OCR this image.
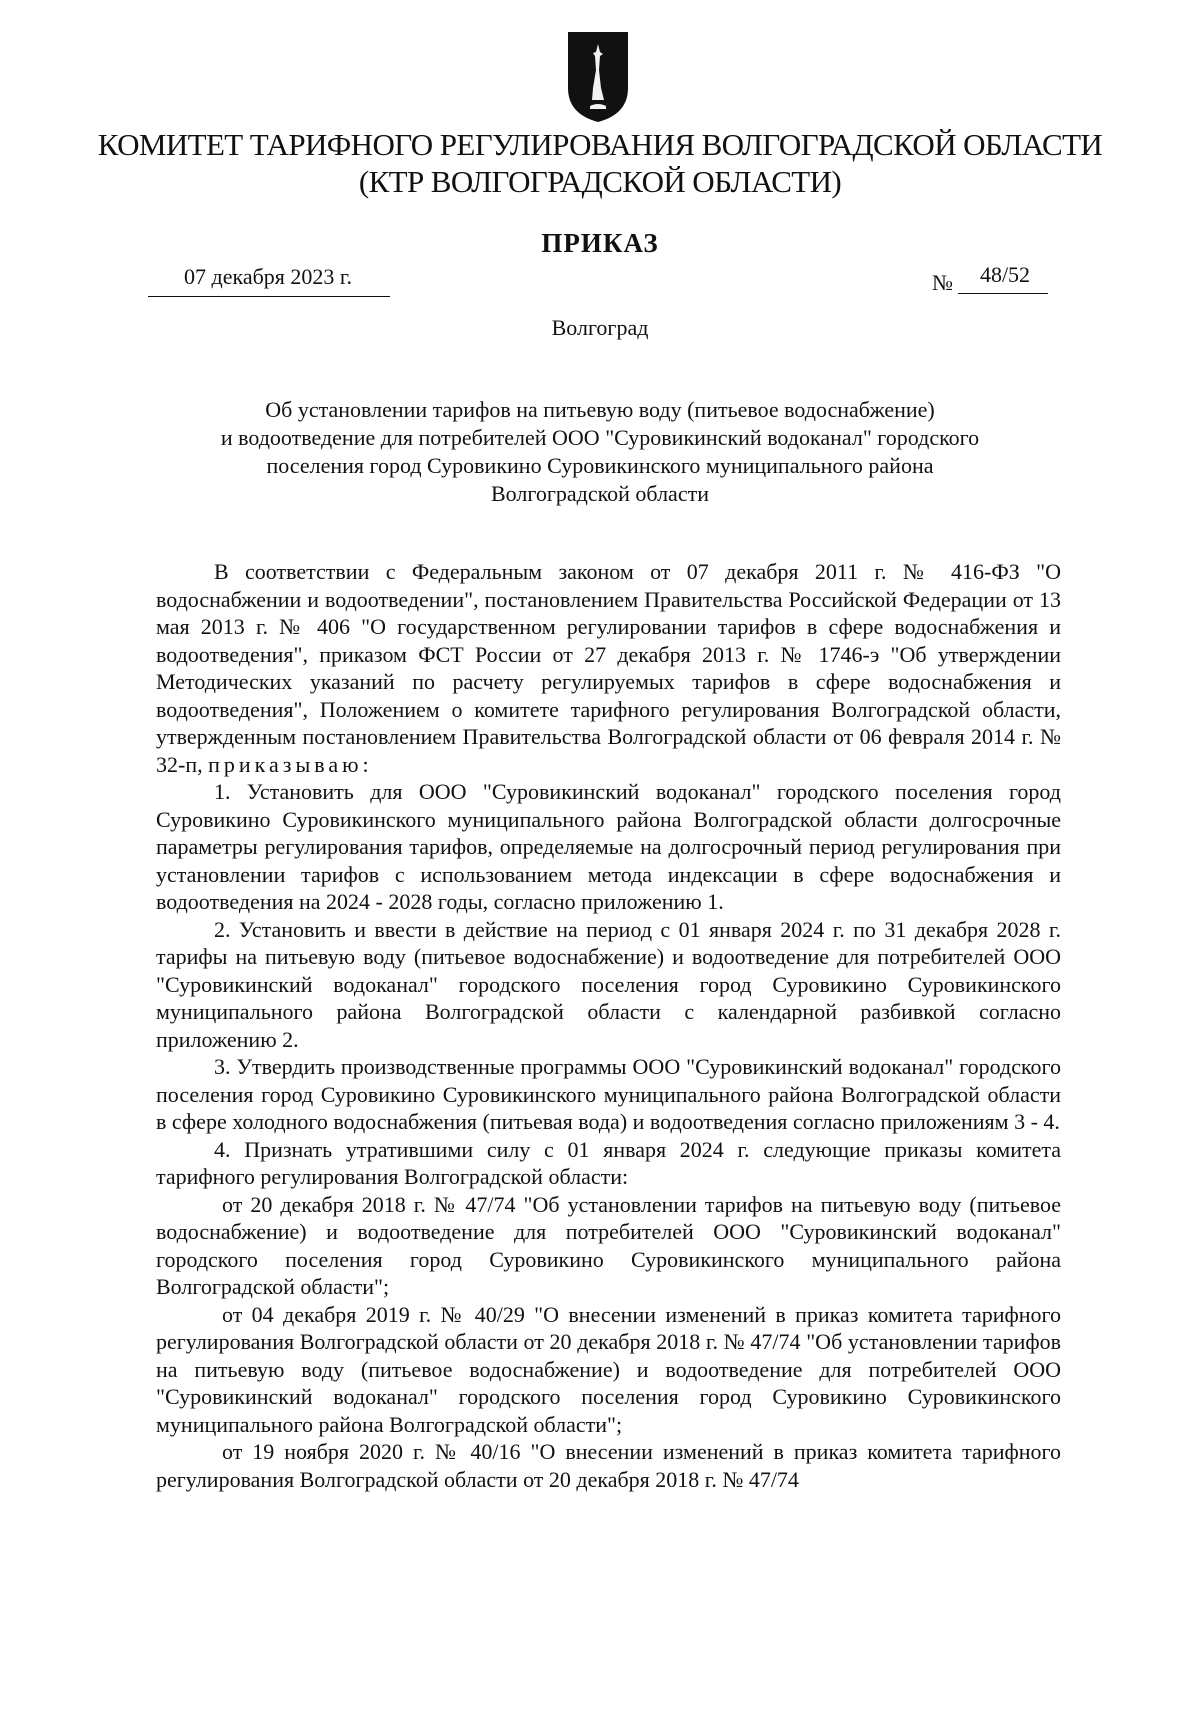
КОМИТЕТ ТАРИФНОГО РЕГУЛИРОВАНИЯ ВОЛГОГРАДСКОЙ ОБЛАСТИ
(КТР ВОЛГОГРАДСКОЙ ОБЛАСТИ)
ПРИКАЗ
07 декабря 2023 г.	№	48/52
Волгоград
Об установлении тарифов на питьевую воду (питьевое водоснабжение)
и водоотведение для потребителей ООО "Суровикинский водоканал" городского
поселения город Суровикино Суровикинского муниципального района
Волгоградской области

В соответствии с Федеральным законом от 07 декабря 2011 г. № 416-ФЗ "О водоснабжении и водоотведении", постановлением Правительства Российской Федерации от 13 мая 2013 г. № 406 "О государственном регулировании тарифов в сфере водоснабжения и водоотведения", приказом ФСТ России от 27 декабря 2013 г. № 1746-э "Об утверждении Методических указаний по расчету регулируемых тарифов в сфере водоснабжения и водоотведения", Положением о комитете тарифного регулирования Волгоградской области, утвержденным постановлением Правительства Волгоградской области от 06 февраля 2014 г. № 32-п, приказываю:

1. Установить для ООО "Суровикинский водоканал" городского поселения город Суровикино Суровикинского муниципального района Волгоградской области долгосрочные параметры регулирования тарифов, определяемые на долгосрочный период регулирования при установлении тарифов с использованием метода индексации в сфере водоснабжения и водоотведения на 2024 - 2028 годы, согласно приложению 1.

2. Установить и ввести в действие на период с 01 января 2024 г. по 31 декабря 2028 г. тарифы на питьевую воду (питьевое водоснабжение) и водоотведение для потребителей ООО "Суровикинский водоканал" городского поселения город Суровикино Суровикинского муниципального района Волгоградской области с календарной разбивкой согласно приложению 2.

3. Утвердить производственные программы ООО "Суровикинский водоканал" городского поселения город Суровикино Суровикинского муниципального района Волгоградской области в сфере холодного водоснабжения (питьевая вода) и водоотведения согласно приложениям 3 - 4.

4. Признать утратившими силу с 01 января 2024 г. следующие приказы комитета тарифного регулирования Волгоградской области:

от 20 декабря 2018 г. № 47/74 "Об установлении тарифов на питьевую воду (питьевое водоснабжение) и водоотведение для потребителей ООО "Суровикинский водоканал" городского поселения город Суровикино Суровикинского муниципального района Волгоградской области";

от 04 декабря 2019 г. № 40/29 "О внесении изменений в приказ комитета тарифного регулирования Волгоградской области от 20 декабря 2018 г. № 47/74 "Об установлении тарифов на питьевую воду (питьевое водоснабжение) и водоотведение для потребителей ООО "Суровикинский водоканал" городского поселения город Суровикино Суровикинского муниципального района Волгоградской области";

от 19 ноября 2020 г. № 40/16 "О внесении изменений в приказ комитета тарифного регулирования Волгоградской области от 20 декабря 2018 г. № 47/74
